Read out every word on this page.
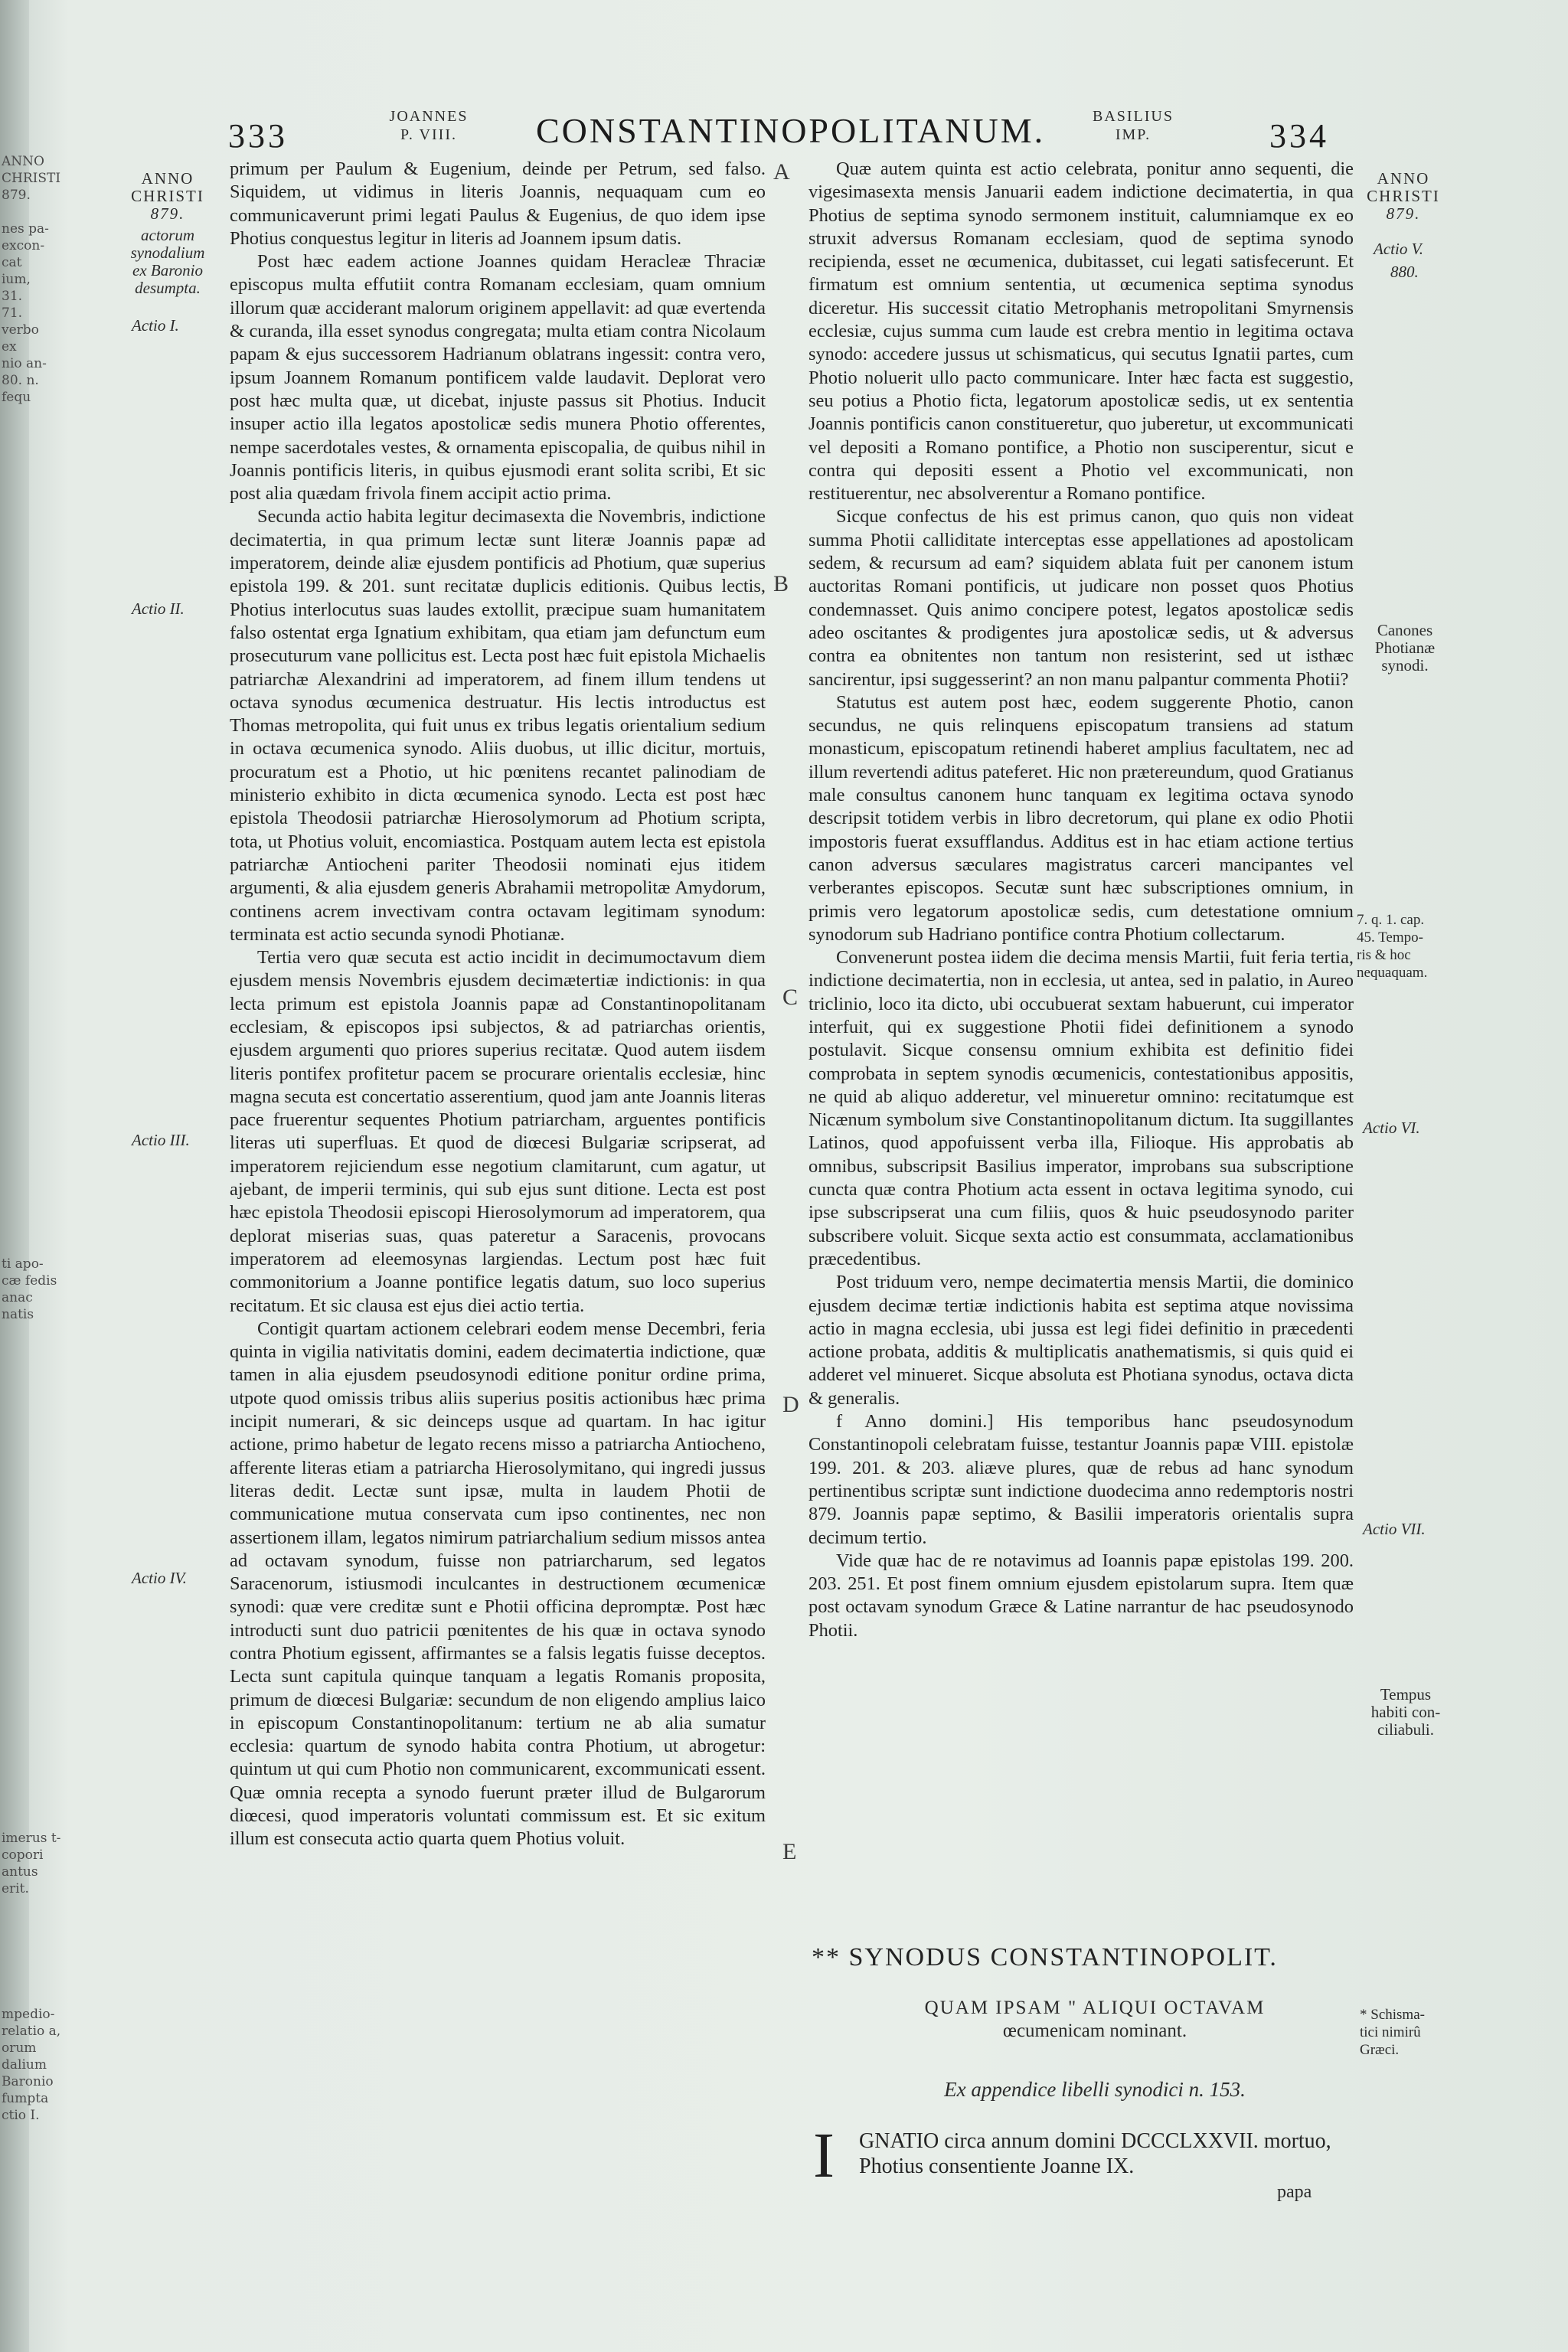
ANNO
CHRISTI
879.

nes pa-
excon-
cat
ium,
31.
71.
verbo
ex
nio an-
80. n.
fequ
ti apo-
cæ fedis
anac
natis
imerus t-
copori
antus
erit.
mpedio-
relatio a,
orum
dalium
Baronio
fumpta
ctio I.
333
JOANNES
P. VIII.	CONSTANTINOPOLITANUM.	BASILIUS
IMP.	334
ANNO
CHRISTI
879.
actorum
synodalium
ex Baronio
desumpta.
Actio I.
Actio II.
Actio III.
Actio IV.

primum per Paulum & Eugenium, deinde per Petrum, sed falso. Siquidem, ut vidimus in literis Joannis, nequaquam cum eo communicaverunt primi legati Paulus & Eugenius, de quo idem ipse Photius conquestus legitur in literis ad Joannem ipsum datis.

Post hæc eadem actione Joannes quidam Heracleæ Thraciæ episcopus multa effutiit contra Romanam ecclesiam, quam omnium illorum quæ acciderant malorum originem appellavit: ad quæ evertenda & curanda, illa esset synodus congregata; multa etiam contra Nicolaum papam & ejus successorem Hadrianum oblatrans ingessit: contra vero, ipsum Joannem Romanum pontificem valde laudavit. Deplorat vero post hæc multa quæ, ut dicebat, injuste passus sit Photius. Inducit insuper actio illa legatos apostolicæ sedis munera Photio offerentes, nempe sacerdotales vestes, & ornamenta episcopalia, de quibus nihil in Joannis pontificis literis, in quibus ejusmodi erant solita scribi, Et sic post alia quædam frivola finem accipit actio prima.

Secunda actio habita legitur decimasexta die Novembris, indictione decimatertia, in qua primum lectæ sunt literæ Joannis papæ ad imperatorem, deinde aliæ ejusdem pontificis ad Photium, quæ superius epistola 199. & 201. sunt recitatæ duplicis editionis. Quibus lectis, Photius interlocutus suas laudes extollit, præcipue suam humanitatem falso ostentat erga Ignatium exhibitam, qua etiam jam defunctum eum prosecuturum vane pollicitus est. Lecta post hæc fuit epistola Michaelis patriarchæ Alexandrini ad imperatorem, ad finem illum tendens ut octava synodus œcumenica destruatur. His lectis introductus est Thomas metropolita, qui fuit unus ex tribus legatis orientalium sedium in octava œcumenica synodo. Aliis duobus, ut illic dicitur, mortuis, procuratum est a Photio, ut hic pœnitens recantet palinodiam de ministerio exhibito in dicta œcumenica synodo. Lecta est post hæc epistola Theodosii patriarchæ Hierosolymorum ad Photium scripta, tota, ut Photius voluit, encomiastica. Postquam autem lecta est epistola patriarchæ Antiocheni pariter Theodosii nominati ejus itidem argumenti, & alia ejusdem generis Abrahamii metropolitæ Amydorum, continens acrem invectivam contra octavam legitimam synodum: terminata est actio secunda synodi Photianæ.

Tertia vero quæ secuta est actio incidit in decimumoctavum diem ejusdem mensis Novembris ejusdem decimætertiæ indictionis: in qua lecta primum est epistola Joannis papæ ad Constantinopolitanam ecclesiam, & episcopos ipsi subjectos, & ad patriarchas orientis, ejusdem argumenti quo priores superius recitatæ. Quod autem iisdem literis pontifex profitetur pacem se procurare orientalis ecclesiæ, hinc magna secuta est concertatio asserentium, quod jam ante Joannis literas pace fruerentur sequentes Photium patriarcham, arguentes pontificis literas uti superfluas. Et quod de diœcesi Bulgariæ scripserat, ad imperatorem rejiciendum esse negotium clamitarunt, cum agatur, ut ajebant, de imperii terminis, qui sub ejus sunt ditione. Lecta est post hæc epistola Theodosii episcopi Hierosolymorum ad imperatorem, qua deplorat miserias suas, quas pateretur a Saracenis, provocans imperatorem ad eleemosynas largiendas. Lectum post hæc fuit commonitorium a Joanne pontifice legatis datum, suo loco superius recitatum. Et sic clausa est ejus diei actio tertia.

Contigit quartam actionem celebrari eodem mense Decembri, feria quinta in vigilia nativitatis domini, eadem decimatertia indictione, quæ tamen in alia ejusdem pseudosynodi editione ponitur ordine prima, utpote quod omissis tribus aliis superius positis actionibus hæc prima incipit numerari, & sic deinceps usque ad quartam. In hac igitur actione, primo habetur de legato recens misso a patriarcha Antiocheno, afferente literas etiam a patriarcha Hierosolymitano, qui ingredi jussus literas dedit. Lectæ sunt ipsæ, multa in laudem Photii de communicatione mutua conservata cum ipso continentes, nec non assertionem illam, legatos nimirum patriarchalium sedium missos antea ad octavam synodum, fuisse non patriarcharum, sed legatos Saracenorum, istiusmodi inculcantes in destructionem œcumenicæ synodi: quæ vere creditæ sunt e Photii officina depromptæ. Post hæc introducti sunt duo patricii pœnitentes de his quæ in octava synodo contra Photium egissent, affirmantes se a falsis legatis fuisse deceptos. Lecta sunt capitula quinque tanquam a legatis Romanis proposita, primum de diœcesi Bulgariæ: secundum de non eligendo amplius laico in episcopum Constantinopolitanum: tertium ne ab alia sumatur ecclesia: quartum de synodo habita contra Photium, ut abrogetur: quintum ut qui cum Photio non communicarent, excommunicati essent. Quæ omnia recepta a synodo fuerunt præter illud de Bulgarorum diœcesi, quod imperatoris voluntati commissum est. Et sic exitum illum est consecuta actio quarta quem Photius voluit.

A
B
C
D
E

Quæ autem quinta est actio celebrata, ponitur anno sequenti, die vigesimasexta mensis Januarii eadem indictione decimatertia, in qua Photius de septima synodo sermonem instituit, calumniamque ex eo struxit adversus Romanam ecclesiam, quod de septima synodo recipienda, esset ne œcumenica, dubitasset, cui legati satisfecerunt. Et firmatum est omnium sententia, ut œcumenica septima synodus diceretur. His successit citatio Metrophanis metropolitani Smyrnensis ecclesiæ, cujus summa cum laude est crebra mentio in legitima octava synodo: accedere jussus ut schismaticus, qui secutus Ignatii partes, cum Photio noluerit ullo pacto communicare. Inter hæc facta est suggestio, seu potius a Photio ficta, legatorum apostolicæ sedis, ut ex sententia Joannis pontificis canon constitueretur, quo juberetur, ut excommunicati vel depositi a Romano pontifice, a Photio non susciperentur, sicut e contra qui depositi essent a Photio vel excommunicati, non restituerentur, nec absolverentur a Romano pontifice.

Sicque confectus de his est primus canon, quo quis non videat summa Photii calliditate interceptas esse appellationes ad apostolicam sedem, & recursum ad eam? siquidem ablata fuit per canonem istum auctoritas Romani pontificis, ut judicare non posset quos Photius condemnasset. Quis animo concipere potest, legatos apostolicæ sedis adeo oscitantes & prodigentes jura apostolicæ sedis, ut & adversus contra ea obnitentes non tantum non resisterint, sed ut isthæc sancirentur, ipsi suggesserint? an non manu palpantur commenta Photii?

Statutus est autem post hæc, eodem suggerente Photio, canon secundus, ne quis relinquens episcopatum transiens ad statum monasticum, episcopatum retinendi haberet amplius facultatem, nec ad illum revertendi aditus pateferet. Hic non prætereundum, quod Gratianus male consultus canonem hunc tanquam ex legitima octava synodo descripsit totidem verbis in libro decretorum, qui plane ex odio Photii impostoris fuerat exsufflandus. Additus est in hac etiam actione tertius canon adversus sæculares magistratus carceri mancipantes vel verberantes episcopos. Secutæ sunt hæc subscriptiones omnium, in primis vero legatorum apostolicæ sedis, cum detestatione omnium synodorum sub Hadriano pontifice contra Photium collectarum.

Convenerunt postea iidem die decima mensis Martii, fuit feria tertia, indictione decimatertia, non in ecclesia, ut antea, sed in palatio, in Aureo triclinio, loco ita dicto, ubi occubuerat sextam habuerunt, cui imperator interfuit, qui ex suggestione Photii fidei definitionem a synodo postulavit. Sicque consensu omnium exhibita est definitio fidei comprobata in septem synodis œcumenicis, contestationibus appositis, ne quid ab aliquo adderetur, vel minueretur omnino: recitatumque est Nicænum symbolum sive Constantinopolitanum dictum. Ita suggillantes Latinos, quod appofuissent verba illa, Filioque. His approbatis ab omnibus, subscripsit Basilius imperator, improbans sua subscriptione cuncta quæ contra Photium acta essent in octava legitima synodo, cui ipse subscripserat una cum filiis, quos & huic pseudosynodo pariter subscribere voluit. Sicque sexta actio est consummata, acclamationibus præcedentibus.

Post triduum vero, nempe decimatertia mensis Martii, die dominico ejusdem decimæ tertiæ indictionis habita est septima atque novissima actio in magna ecclesia, ubi jussa est legi fidei definitio in præcedenti actione probata, additis & multiplicatis anathematismis, si quis quid ei adderet vel minueret. Sicque absoluta est Photiana synodus, octava dicta & generalis.

f Anno domini.] His temporibus hanc pseudosynodum Constantinopoli celebratam fuisse, testantur Joannis papæ VIII. epistolæ 199. 201. & 203. aliæve plures, quæ de rebus ad hanc synodum pertinentibus scriptæ sunt indictione duodecima anno redemptoris nostri 879. Joannis papæ septimo, & Basilii imperatoris orientalis supra decimum tertio.

Vide quæ hac de re notavimus ad Ioannis papæ epistolas 199. 200. 203. 251. Et post finem omnium ejusdem epistolarum supra. Item quæ post octavam synodum Græce & Latine narrantur de hac pseudosynodo Photii.

ANNO
CHRISTI
879.
Actio V.
880.
Canones
Photianæ
synodi.
7. q. 1. cap.
45. Tempo-
ris & hoc
nequaquam.
Actio VI.
Actio VII.
Tempus
habiti con-
ciliabuli.
* Schisma-
tici nimirû
Græci.
** SYNODUS CONSTANTINOPOLIT.
QUAM IPSAM " ALIQUI OCTAVAM
œcumenicam nominant.
Ex appendice libelli synodici n. 153.
I GNATIO circa annum domini DCCCLXXVII. mortuo, Photius consentiente Joanne IX.
papa
